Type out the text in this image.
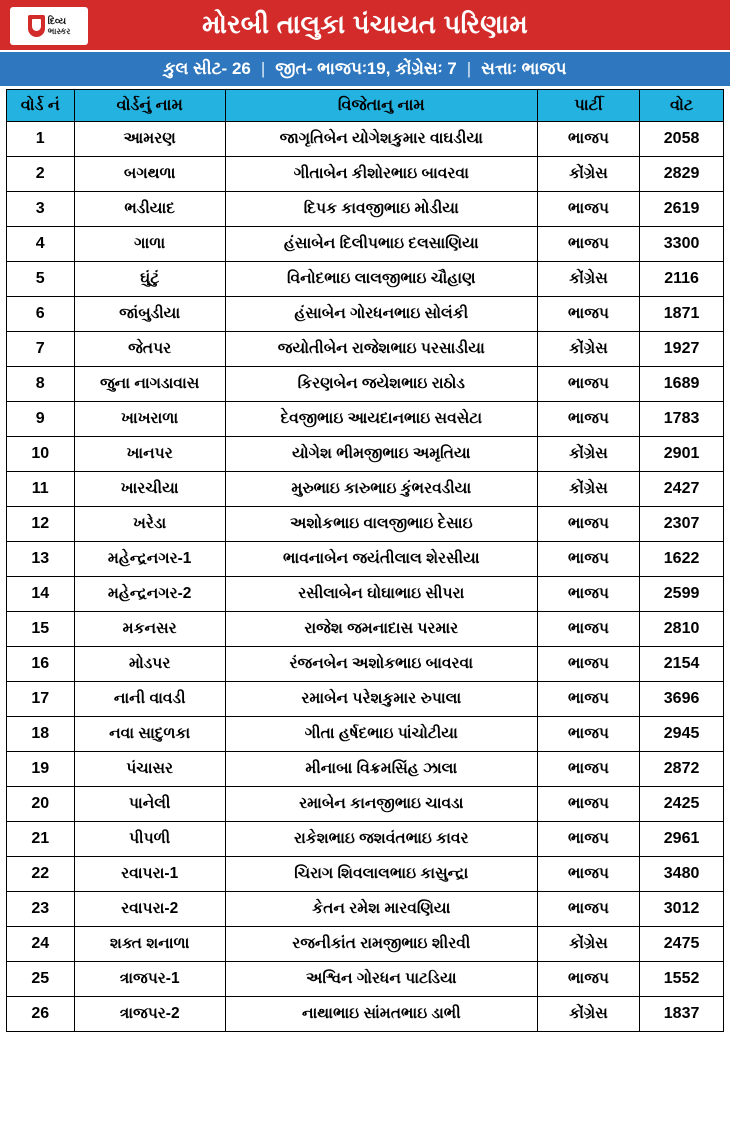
દિવ્ય
ભાસ્કર	મોરબી તાલુકા પંચાયત પરિણામ
કુલ સીટ- 26 | જીત- ભાજપઃ19, કોંગ્રેસઃ 7 | સત્તાઃ ભાજપ
વોર્ડ નં	વોર્ડનું નામ	વિજેતાનુ નામ	પાર્ટી	વોટ
1	આમરણ	જાગૃતિબેન યોગેશકુમાર વાઘડીયા	ભાજપ	2058
2	બગથળા	ગીતાબેન કીશોરભાઇ બાવરવા	કોંગ્રેસ	2829
3	ભડીયાદ	દિપક કાવજીભાઇ મોડીયા	ભાજપ	2619
4	ગાળા	હંસાબેન દિલીપભાઇ દલસાણિયા	ભાજપ	3300
5	ઘુંટું	વિનોદભાઇ લાલજીભાઇ ચૌહાણ	કોંગ્રેસ	2116
6	જાંબુડીયા	હંસાબેન ગોરધનભાઇ સોલંકી	ભાજપ	1871
7	જેતપર	જયોતીબેન રાજેશભાઇ પરસાડીયા	કોંગ્રેસ	1927
8	જુના નાગડાવાસ	કિરણબેન જયેશભાઇ રાઠોડ	ભાજપ	1689
9	ખાખરાળા	દેવજીભાઇ આયદાનભાઇ સવસેટા	ભાજપ	1783
10	ખાનપર	યોગેશ ભીમજીભાઇ અમૃતિયા	કોંગ્રેસ	2901
11	ખારચીયા	મુરુભાઇ કારુભાઇ કુંભરવડીયા	કોંગ્રેસ	2427
12	ખરેડા	અશોકભાઇ વાલજીભાઇ દેસાઇ	ભાજપ	2307
13	મહેન્દ્રનગર-1	ભાવનાબેન જયંતીલાલ શેરસીયા	ભાજપ	1622
14	મહેન્દ્રનગર-2	રસીલાબેન ઘોઘાભાઇ સીપરા	ભાજપ	2599
15	મકનસર	રાજેશ જમનાદાસ પરમાર	ભાજપ	2810
16	મોડપર	રંજનબેન અશોકભાઇ બાવરવા	ભાજપ	2154
17	નાની વાવડી	રમાબેન પરેશકુમાર રુપાલા	ભાજપ	3696
18	નવા સાદુળકા	ગીતા હર્ષદભાઇ પાંચોટીયા	ભાજપ	2945
19	પંચાસર	મીનાબા વિક્રમસિંહ ઝાલા	ભાજપ	2872
20	પાનેલી	રમાબેન કાનજીભાઇ ચાવડા	ભાજપ	2425
21	પીપળી	રાકેશભાઇ જશવંતભાઇ કાવર	ભાજપ	2961
22	રવાપરા-1	ચિરાગ શિવલાલભાઇ કાસુન્દ્રા	ભાજપ	3480
23	રવાપરા-2	કેતન રમેશ મારવણિયા	ભાજપ	3012
24	શક્ત શનાળા	રજનીકાંત રામજીભાઇ શીરવી	કોંગ્રેસ	2475
25	ત્રાજપર-1	અશ્વિન ગોરધન પાટડિયા	ભાજપ	1552
26	ત્રાજપર-2	નાથાભાઇ સાંમતભાઇ ડાભી	કોંગ્રેસ	1837
